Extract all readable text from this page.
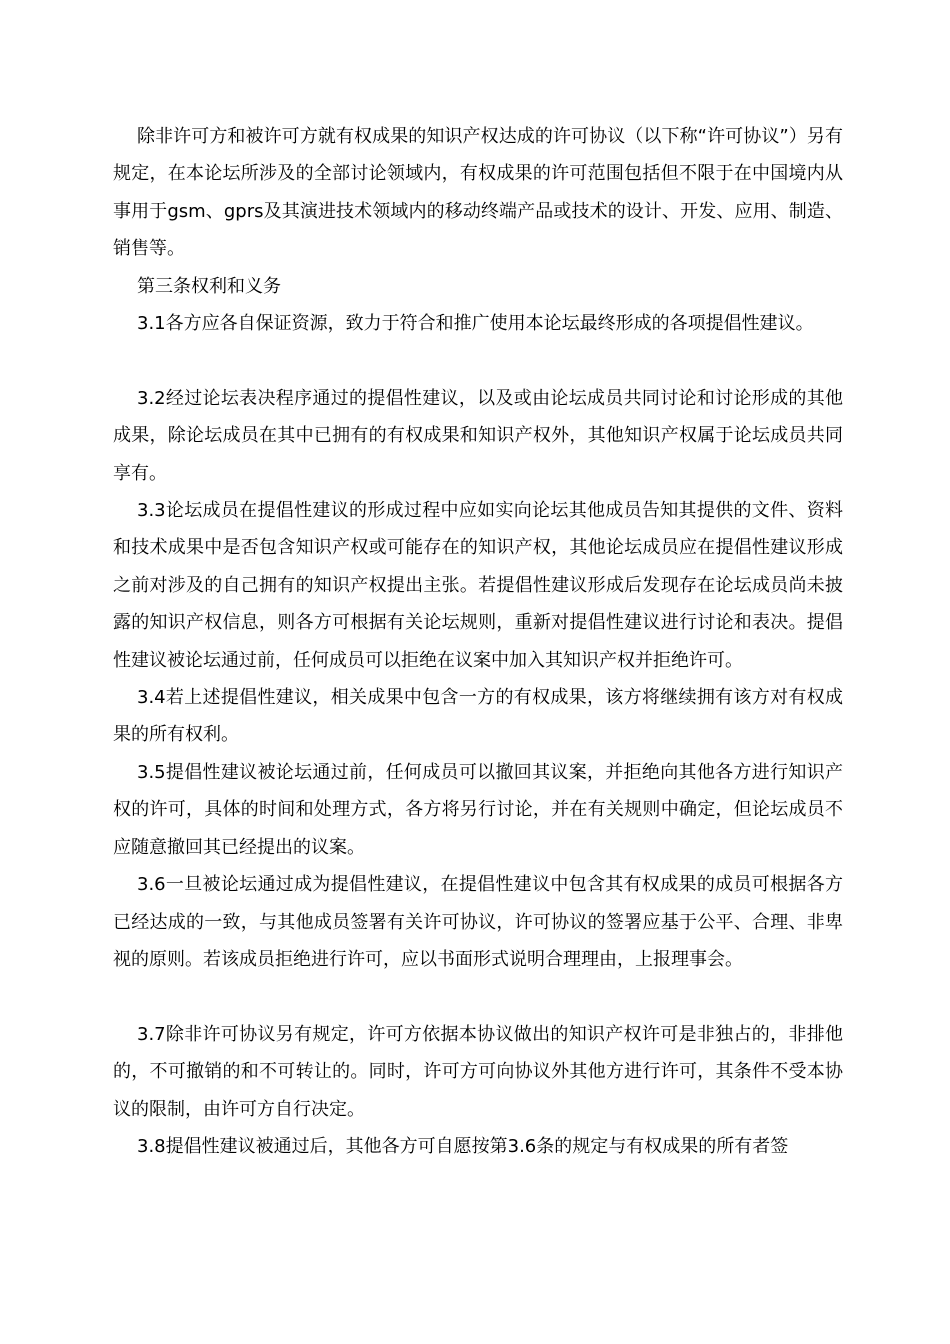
除非许可方和被许可方就有权成果的知识产权达成的许可协议（以下称“许可协议”）另有规定，在本论坛所涉及的全部讨论领域内，有权成果的许可范围包括但不限于在中国境内从事用于gsm、gprs及其演进技术领域内的移动终端产品或技术的设计、开发、应用、制造、销售等。

第三条权利和义务

3.1各方应各自保证资源，致力于符合和推广使用本论坛最终形成的各项提倡性建议。

3.2经过论坛表决程序通过的提倡性建议，以及或由论坛成员共同讨论和讨论形成的其他成果，除论坛成员在其中已拥有的有权成果和知识产权外，其他知识产权属于论坛成员共同享有。

3.3论坛成员在提倡性建议的形成过程中应如实向论坛其他成员告知其提供的文件、资料和技术成果中是否包含知识产权或可能存在的知识产权，其他论坛成员应在提倡性建议形成之前对涉及的自己拥有的知识产权提出主张。若提倡性建议形成后发现存在论坛成员尚未披露的知识产权信息，则各方可根据有关论坛规则，重新对提倡性建议进行讨论和表决。提倡性建议被论坛通过前，任何成员可以拒绝在议案中加入其知识产权并拒绝许可。

3.4若上述提倡性建议，相关成果中包含一方的有权成果，该方将继续拥有该方对有权成果的所有权利。

3.5提倡性建议被论坛通过前，任何成员可以撤回其议案，并拒绝向其他各方进行知识产权的许可，具体的时间和处理方式，各方将另行讨论，并在有关规则中确定，但论坛成员不应随意撤回其已经提出的议案。

3.6一旦被论坛通过成为提倡性建议，在提倡性建议中包含其有权成果的成员可根据各方已经达成的一致，与其他成员签署有关许可协议，许可协议的签署应基于公平、合理、非卑视的原则。若该成员拒绝进行许可，应以书面形式说明合理理由，上报理事会。

3.7除非许可协议另有规定，许可方依据本协议做出的知识产权许可是非独占的，非排他的，不可撤销的和不可转让的。同时，许可方可向协议外其他方进行许可，其条件不受本协议的限制，由许可方自行决定。

3.8提倡性建议被通过后，其他各方可自愿按第3.6条的规定与有权成果的所有者签
